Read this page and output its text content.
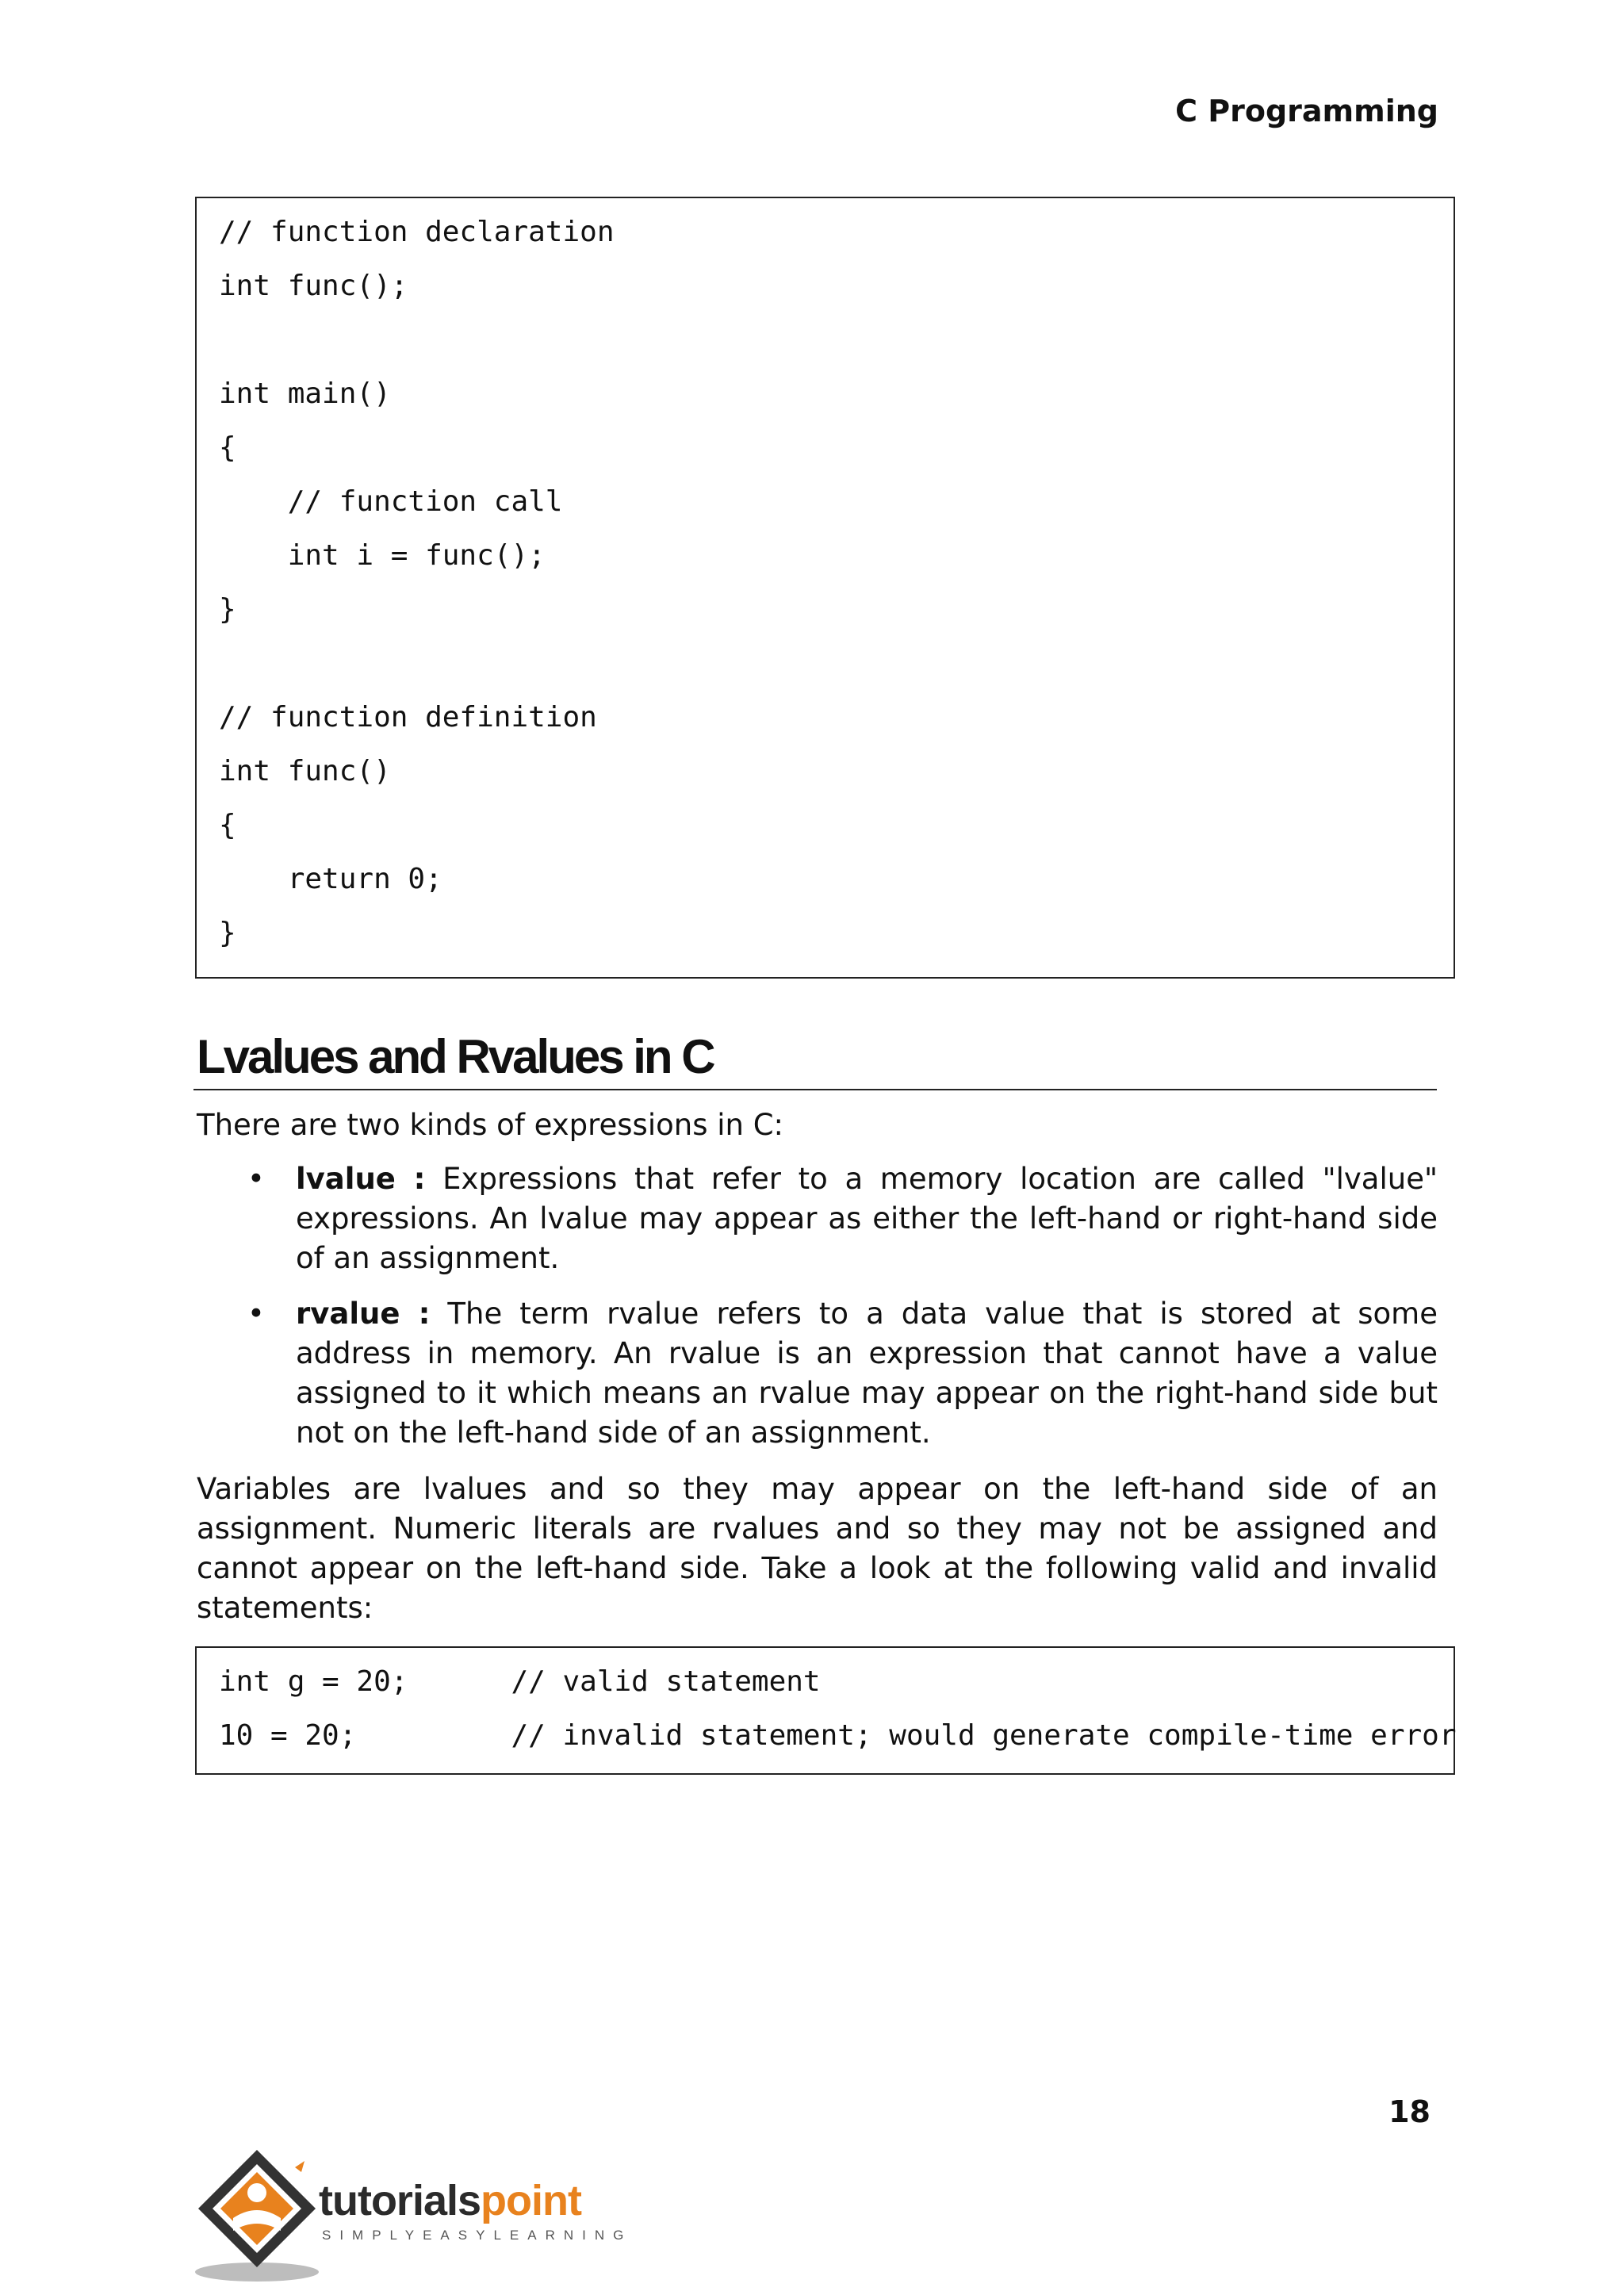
C Programming
// function declaration
int func();
int main()
{
// function call
int i = func();
}
// function definition
int func()
{
return 0;
}
Lvalues and Rvalues in C
There are two kinds of expressions in C:
• lvalue : Expressions that refer to a memory location are called "lvalue" expressions. An lvalue may appear as either the left-hand or right-hand side of an assignment.
• rvalue : The term rvalue refers to a data value that is stored at some address in memory. An rvalue is an expression that cannot have a value assigned to it which means an rvalue may appear on the right-hand side but not on the left-hand side of an assignment.
Variables are lvalues and so they may appear on the left-hand side of an assignment. Numeric literals are rvalues and so they may not be assigned and cannot appear on the left-hand side. Take a look at the following valid and invalid statements:
int g = 20;      // valid statement
10 = 20;         // invalid statement; would generate compile-time error
18
tutorialspoint
SIMPLYEASYLEARNING
